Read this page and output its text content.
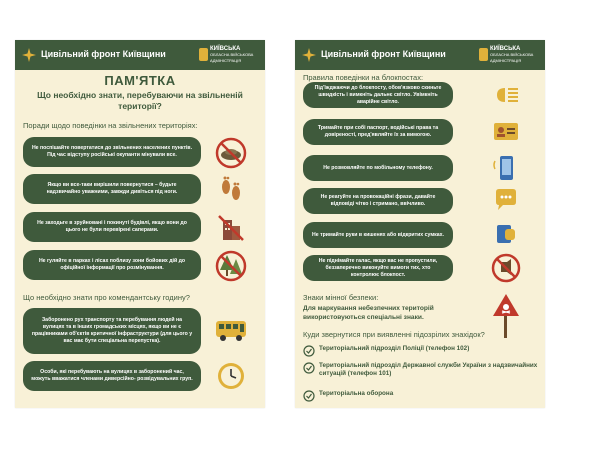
Цивільний фронт Київщини	КИЇВСЬКА
ОБЛАСНА ВІЙСЬКОВА
АДМІНІСТРАЦІЯ
ПАМ'ЯТКА
Що необхідно знати, перебуваючи на звільненій території?
Поради щодо поведінки на звільнених територіях:
Не поспішайте повертатися до звільнених населених пунктів. Під час відступу російські окупанти мінували все.
Якщо ви все-таки вирішили повернутися – будьте надзвичайно уважними, завжди дивіться під ноги.
Не заходьте в зруйновані і покинуті будівлі, якщо вони до цього не були перевірені саперами.
Не гуляйте в парках і лісах поблизу зони бойових дій до офіційної інформації про розмінування.
Що необхідно знати про комендантську годину?
Заборонено рух транспорту та перебування людей на вулицях та в інших громадських місцях, якщо ви не є працівниками об'єктів критичної інфраструктури (для цього у вас має бути спеціальна перепустка).
Особи, які перебувають на вулицях в заборонений час, можуть вважатися членами диверсійно- розвідувальних груп.
Цивільний фронт Київщини	КИЇВСЬКА
ОБЛАСНА ВІЙСЬКОВА
АДМІНІСТРАЦІЯ
Правила поведінки на блокпостах:
Під'їжджаючи до блокпосту, обов'язково скиньте швидкість і вимкніть дальнє світло. Увімкніть аварійне світло.
Тримайте при собі паспорт, водійські права та довіреності, пред'являйте їх за вимогою.
Не розмовляйте по мобільному телефону.
Не реагуйте на провокаційні фрази, давайте відповіді чітко і стримано, ввічливо.
Не тримайте руки в кишенях або відкритих сумках.
Не піднімайте галас, якщо вас не пропустили, беззаперечно виконуйте вимоги тих, хто контролює блокпост.
Знаки мінної безпеки:
Для маркування небезпечних територій використовуються спеціальні знаки.
Куди звернутися при виявленні підозрілих знахідок?
Територіальний підрозділ Поліції (телефон 102)
Територіальний підрозділ Державної служби України з надзвичайних ситуацій (телефон 101)
Територіальна оборона
